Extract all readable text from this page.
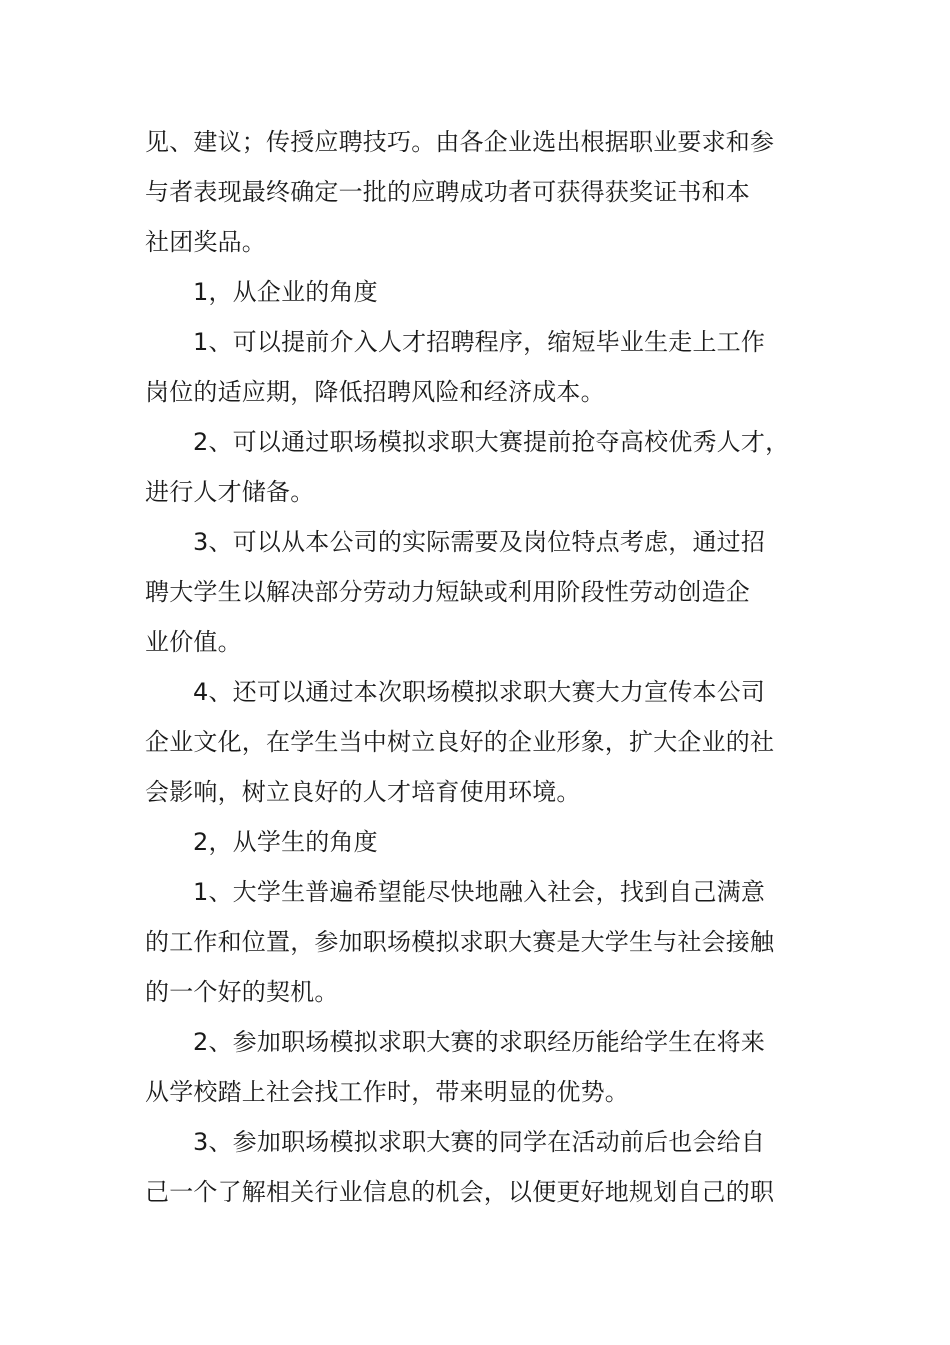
见、建议；传授应聘技巧。由各企业选出根据职业要求和参
与者表现最终确定一批的应聘成功者可获得获奖证书和本
社团奖品。
1，从企业的角度
1、可以提前介入人才招聘程序，缩短毕业生走上工作
岗位的适应期，降低招聘风险和经济成本。
2、可以通过职场模拟求职大赛提前抢夺高校优秀人才，
进行人才储备。
3、可以从本公司的实际需要及岗位特点考虑，通过招
聘大学生以解决部分劳动力短缺或利用阶段性劳动创造企
业价值。
4、还可以通过本次职场模拟求职大赛大力宣传本公司
企业文化，在学生当中树立良好的企业形象，扩大企业的社
会影响，树立良好的人才培育使用环境。
2，从学生的角度
1、大学生普遍希望能尽快地融入社会，找到自己满意
的工作和位置，参加职场模拟求职大赛是大学生与社会接触
的一个好的契机。
2、参加职场模拟求职大赛的求职经历能给学生在将来
从学校踏上社会找工作时，带来明显的优势。
3、参加职场模拟求职大赛的同学在活动前后也会给自
己一个了解相关行业信息的机会，以便更好地规划自己的职
